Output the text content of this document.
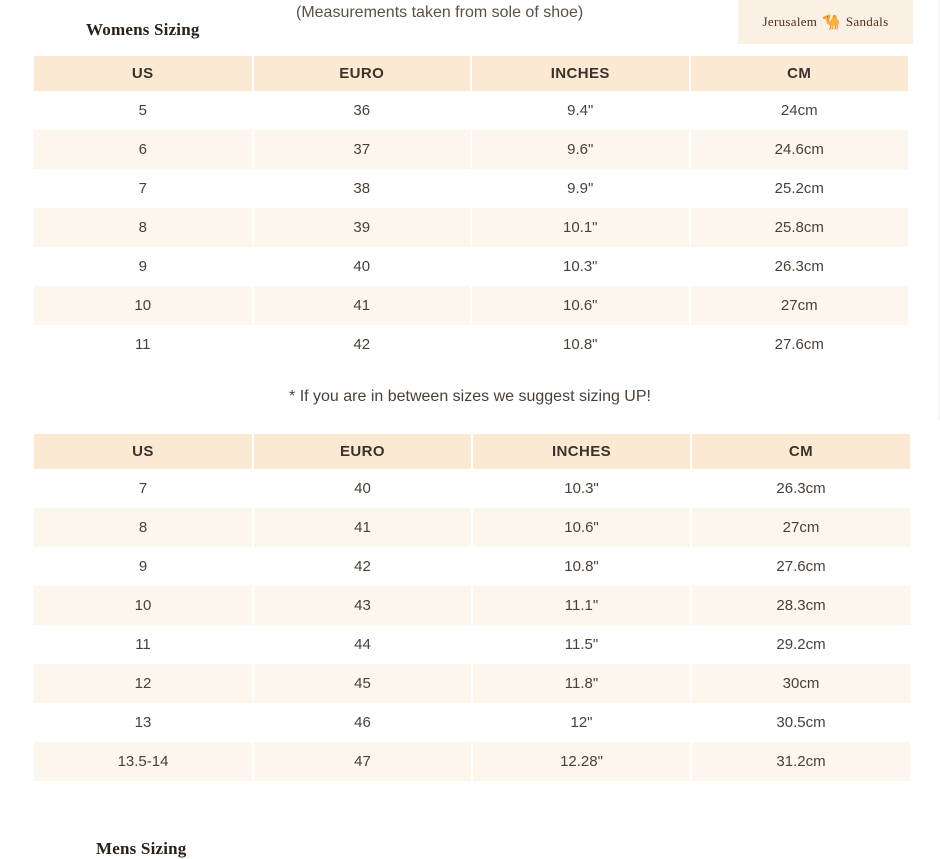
Womens Sizing
(Measurements taken from sole of shoe)
Jerusalem 🐪 Sandals
US	EURO	INCHES	CM
5	36	9.4"	24cm
6	37	9.6"	24.6cm
7	38	9.9"	25.2cm
8	39	10.1"	25.8cm
9	40	10.3"	26.3cm
10	41	10.6"	27cm
11	42	10.8"	27.6cm
* If you are in between sizes we suggest sizing UP!
Mens Sizing
US	EURO	INCHES	CM
7	40	10.3"	26.3cm
8	41	10.6"	27cm
9	42	10.8"	27.6cm
10	43	11.1"	28.3cm
11	44	11.5"	29.2cm
12	45	11.8"	30cm
13	46	12"	30.5cm
13.5-14	47	12.28"	31.2cm
